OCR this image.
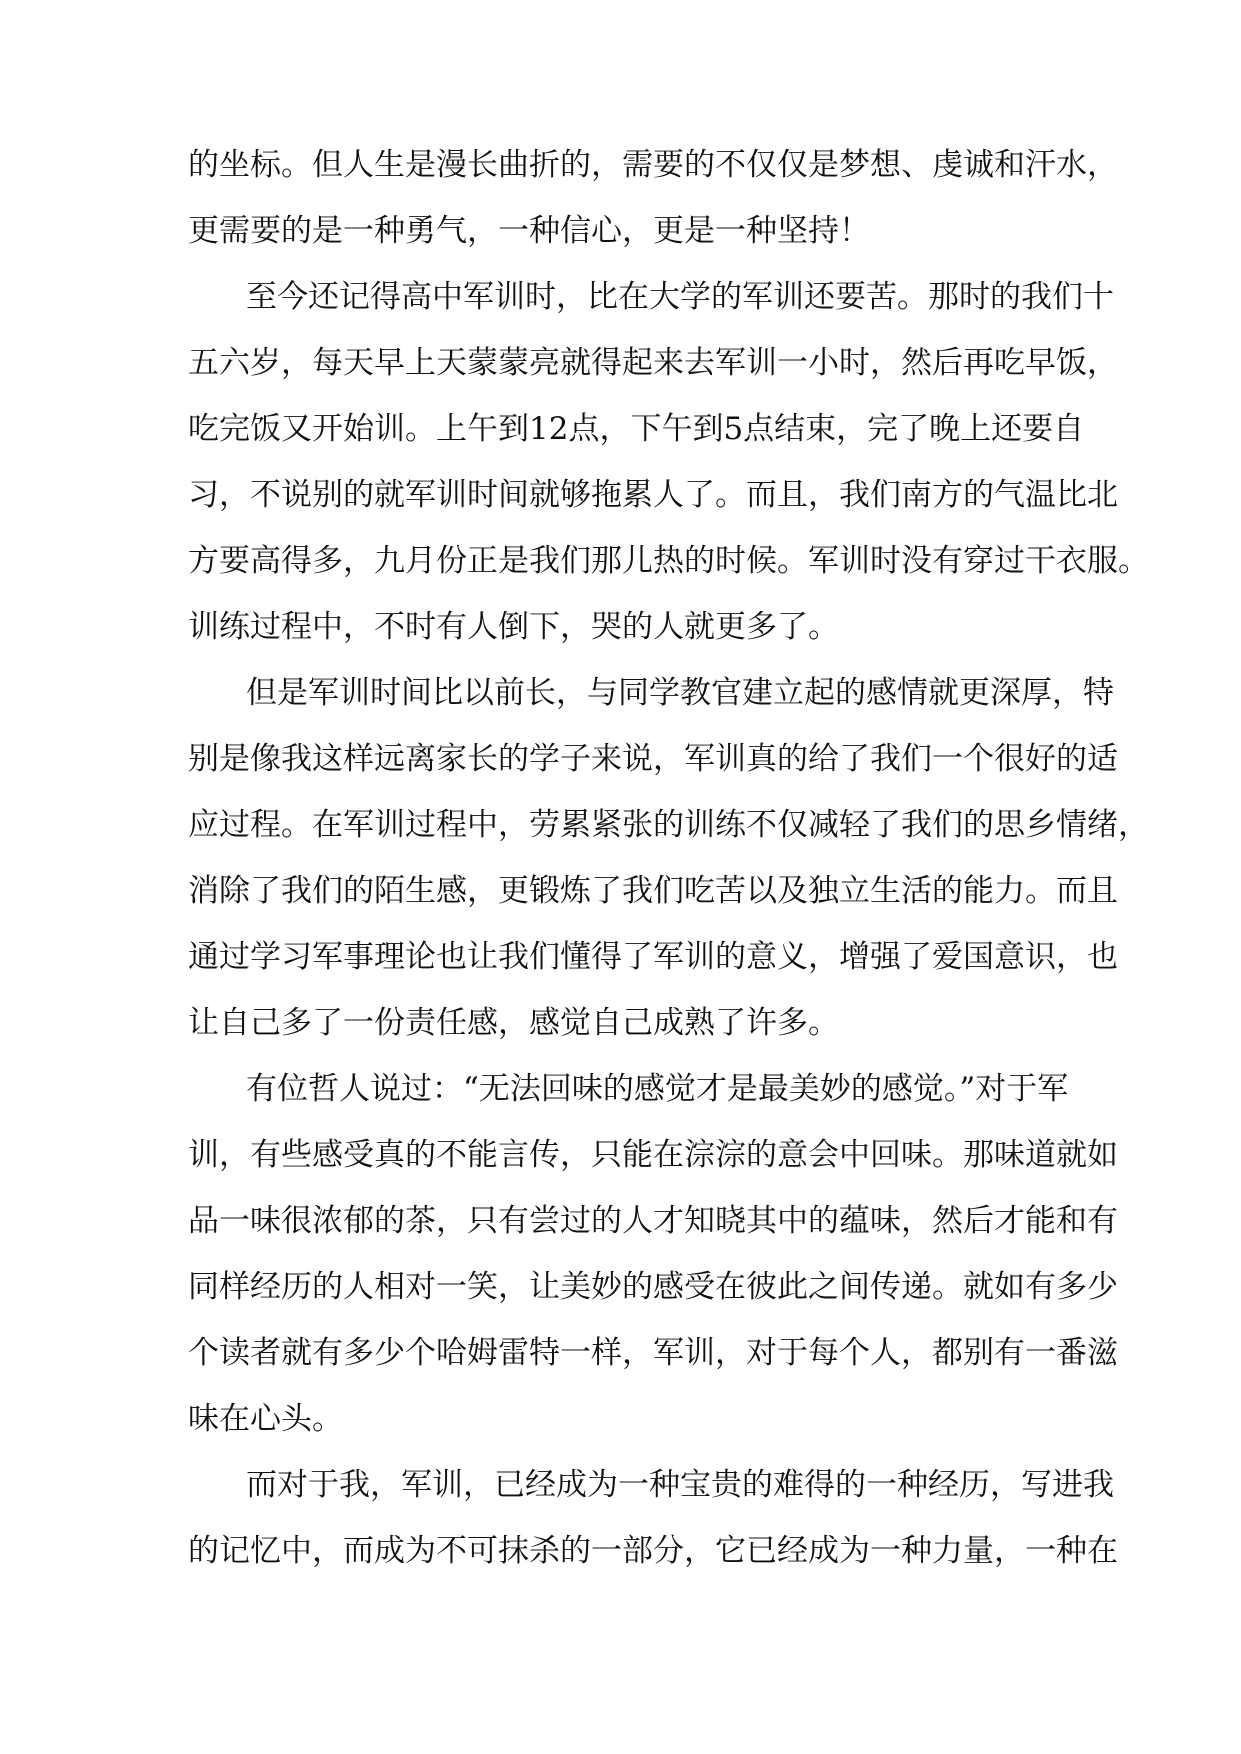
的坐标。但人生是漫长曲折的，需要的不仅仅是梦想、虔诚和汗水，
更需要的是一种勇气，一种信心，更是一种坚持！
至今还记得高中军训时，比在大学的军训还要苦。那时的我们十
五六岁，每天早上天蒙蒙亮就得起来去军训一小时，然后再吃早饭，
吃完饭又开始训。上午到12点，下午到5点结束，完了晚上还要自
习，不说别的就军训时间就够拖累人了。而且，我们南方的气温比北
方要高得多，九月份正是我们那儿热的时候。军训时没有穿过干衣服。
训练过程中，不时有人倒下，哭的人就更多了。
但是军训时间比以前长，与同学教官建立起的感情就更深厚，特
别是像我这样远离家长的学子来说，军训真的给了我们一个很好的适
应过程。在军训过程中，劳累紧张的训练不仅减轻了我们的思乡情绪，
消除了我们的陌生感，更锻炼了我们吃苦以及独立生活的能力。而且
通过学习军事理论也让我们懂得了军训的意义，增强了爱国意识，也
让自己多了一份责任感，感觉自己成熟了许多。
有位哲人说过：“无法回味的感觉才是最美妙的感觉。”对于军
训，有些感受真的不能言传，只能在淙淙的意会中回味。那味道就如
品一味很浓郁的茶，只有尝过的人才知晓其中的蕴味，然后才能和有
同样经历的人相对一笑，让美妙的感受在彼此之间传递。就如有多少
个读者就有多少个哈姆雷特一样，军训，对于每个人，都别有一番滋
味在心头。
而对于我，军训，已经成为一种宝贵的难得的一种经历，写进我
的记忆中，而成为不可抹杀的一部分，它已经成为一种力量，一种在
